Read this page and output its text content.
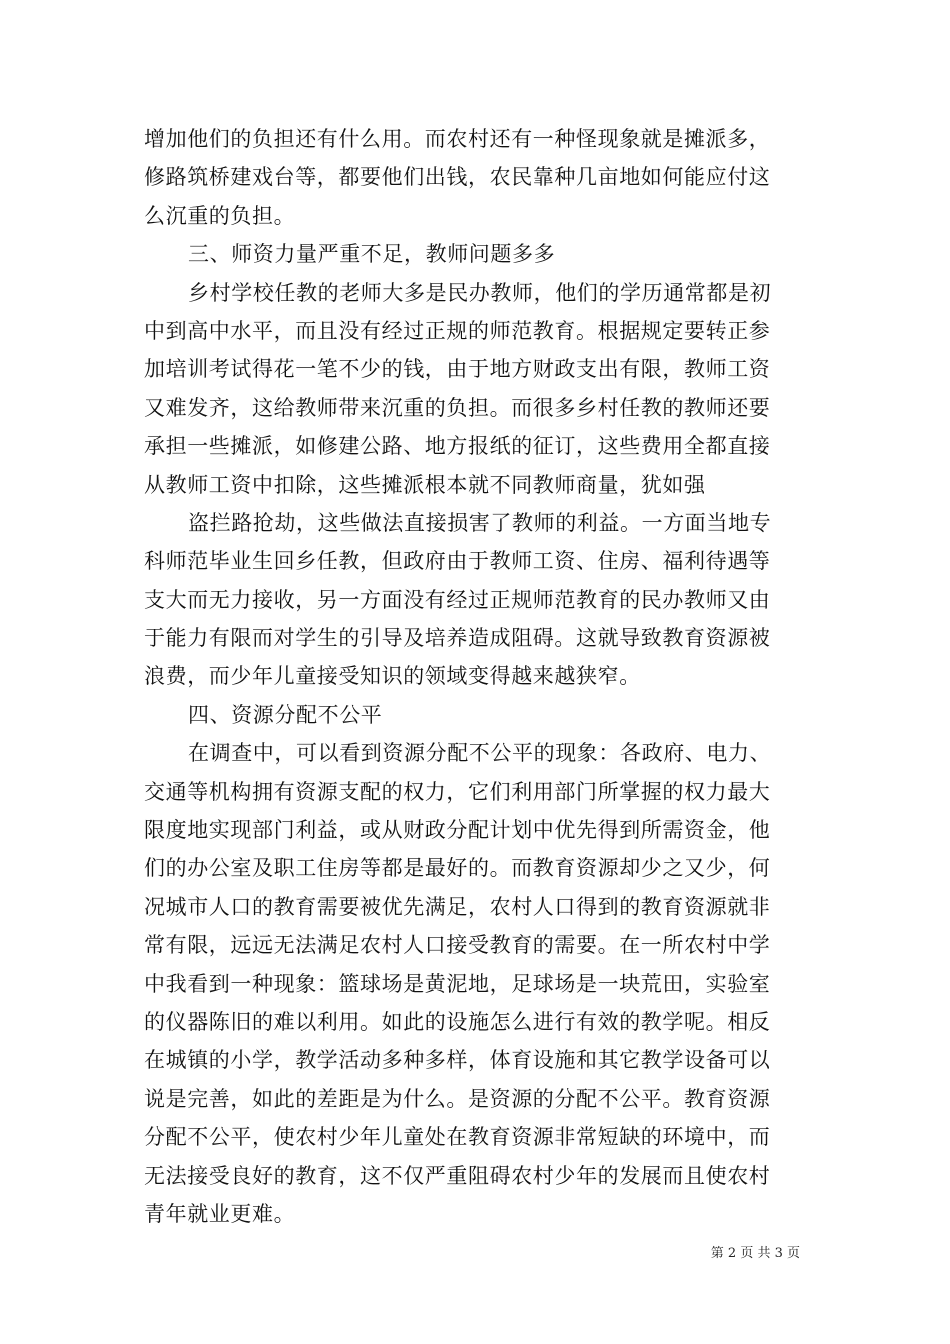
增加他们的负担还有什么用。而农村还有一种怪现象就是摊派多，
修路筑桥建戏台等，都要他们出钱，农民靠种几亩地如何能应付这
么沉重的负担。
三、师资力量严重不足，教师问题多多
乡村学校任教的老师大多是民办教师，他们的学历通常都是初
中到高中水平，而且没有经过正规的师范教育。根据规定要转正参
加培训考试得花一笔不少的钱，由于地方财政支出有限，教师工资
又难发齐，这给教师带来沉重的负担。而很多乡村任教的教师还要
承担一些摊派，如修建公路、地方报纸的征订，这些费用全都直接
从教师工资中扣除，这些摊派根本就不同教师商量，犹如强
盗拦路抢劫，这些做法直接损害了教师的利益。一方面当地专
科师范毕业生回乡任教，但政府由于教师工资、住房、福利待遇等
支大而无力接收，另一方面没有经过正规师范教育的民办教师又由
于能力有限而对学生的引导及培养造成阻碍。这就导致教育资源被
浪费，而少年儿童接受知识的领域变得越来越狭窄。
四、资源分配不公平
在调查中，可以看到资源分配不公平的现象：各政府、电力、
交通等机构拥有资源支配的权力，它们利用部门所掌握的权力最大
限度地实现部门利益，或从财政分配计划中优先得到所需资金，他
们的办公室及职工住房等都是最好的。而教育资源却少之又少，何
况城市人口的教育需要被优先满足，农村人口得到的教育资源就非
常有限，远远无法满足农村人口接受教育的需要。在一所农村中学
中我看到一种现象：篮球场是黄泥地，足球场是一块荒田，实验室
的仪器陈旧的难以利用。如此的设施怎么进行有效的教学呢。相反
在城镇的小学，教学活动多种多样，体育设施和其它教学设备可以
说是完善，如此的差距是为什么。是资源的分配不公平。教育资源
分配不公平，使农村少年儿童处在教育资源非常短缺的环境中，而
无法接受良好的教育，这不仅严重阻碍农村少年的发展而且使农村
青年就业更难。
第 2 页 共 3 页
